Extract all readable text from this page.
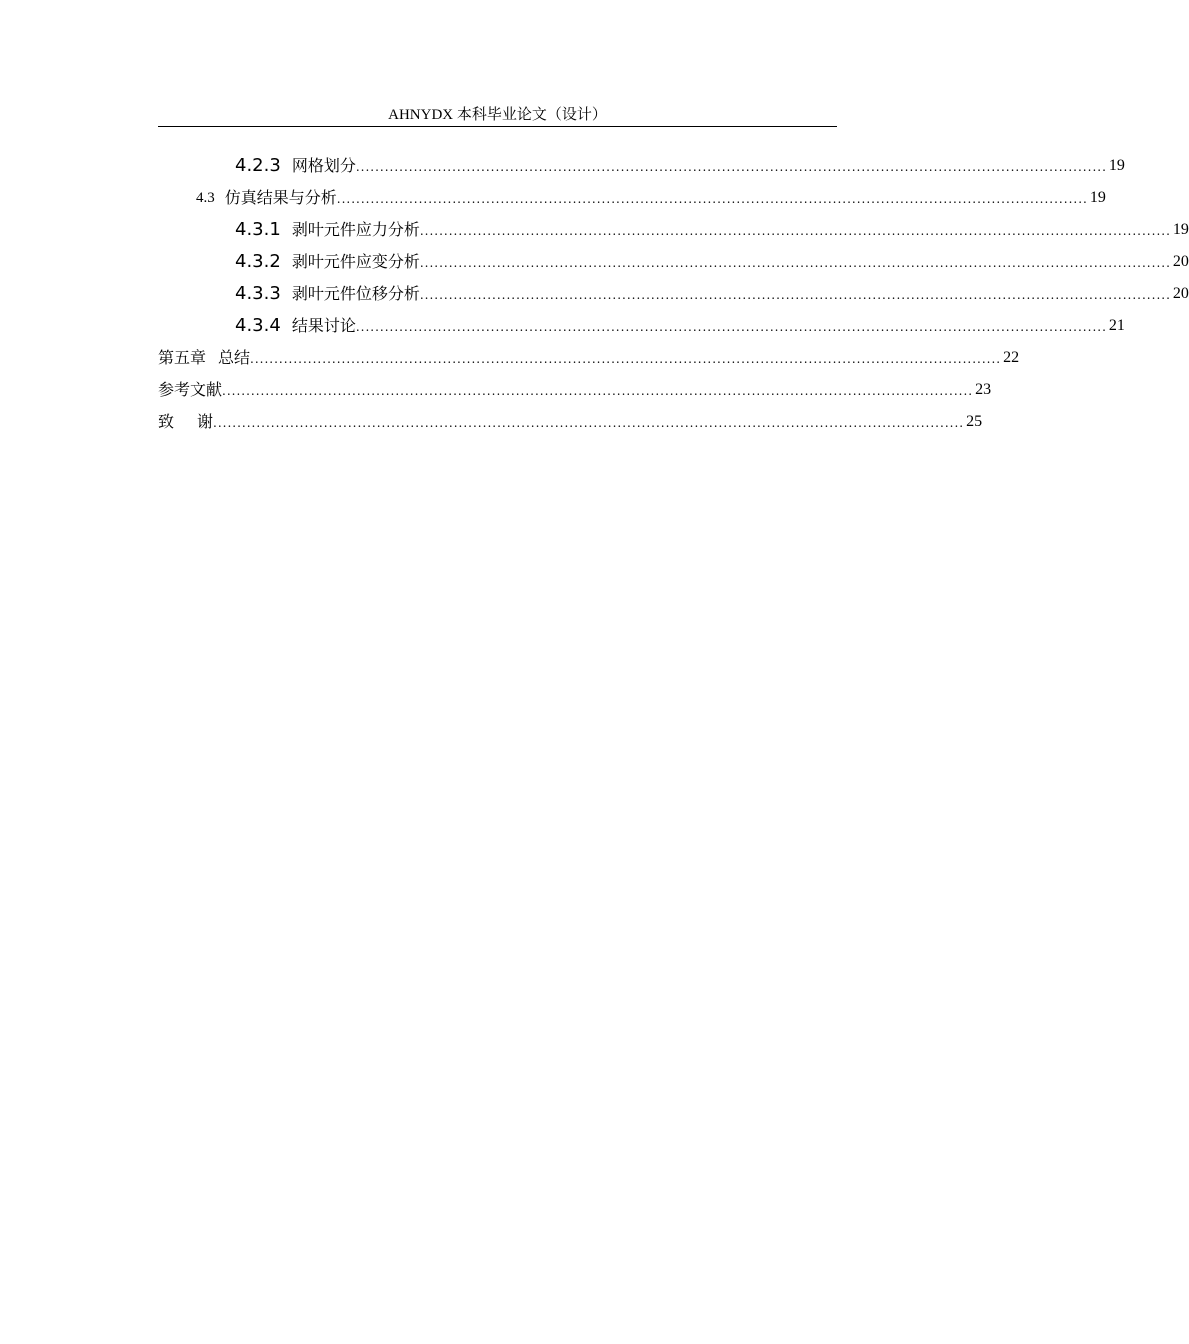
AHNYDX 本科毕业论文（设计）
4.2.3 网格划分 ............................................................................................................................................................ 19
4.3 仿真结果与分析 ............................................................................................................................................................ 19
4.3.1 剥叶元件应力分析 ............................................................................................................................................................ 19
4.3.2 剥叶元件应变分析 ............................................................................................................................................................ 20
4.3.3 剥叶元件位移分析 ............................................................................................................................................................ 20
4.3.4 结果讨论 ............................................................................................................................................................ 21
第五章 总结 ............................................................................................................................................................ 22
参考文献 ............................................................................................................................................................ 23
致谢
............................................................................................................................................................ 25
